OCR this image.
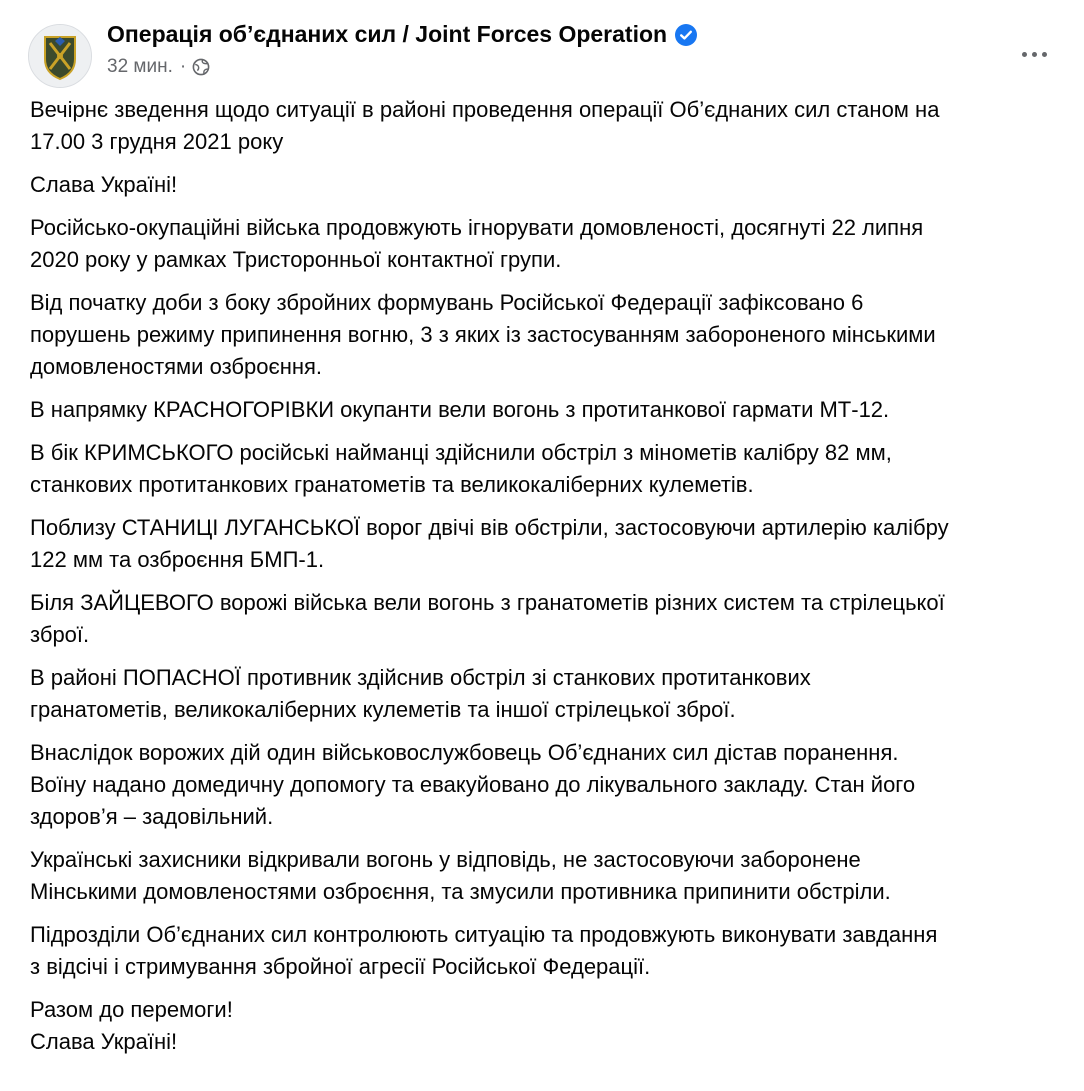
Операція об’єднаних сил / Joint Forces Operation
32 мин. ·

Вечірнє зведення щодо ситуації в районі проведення операції Об’єднаних сил станом на
17.00 3 грудня 2021 року

Слава Україні!

Російсько-окупаційні війська продовжують ігнорувати домовленості, досягнуті 22 липня
2020 року у рамках Тристоронньої контактної групи.

Від початку доби з боку збройних формувань Російської Федерації зафіксовано 6
порушень режиму припинення вогню, 3 з яких із застосуванням забороненого мінськими
домовленостями озброєння.

В напрямку КРАСНОГОРІВКИ окупанти вели вогонь з протитанкової гармати МТ-12.

В бік КРИМСЬКОГО російські найманці здійснили обстріл з мінометів калібру 82 мм,
станкових протитанкових гранатометів та великокаліберних кулеметів.

Поблизу СТАНИЦІ ЛУГАНСЬКОЇ ворог двічі вів обстріли, застосовуючи артилерію калібру
122 мм та озброєння БМП-1.

Біля ЗАЙЦЕВОГО ворожі війська вели вогонь з гранатометів різних систем та стрілецької
зброї.

В районі ПОПАСНОЇ противник здійснив обстріл зі станкових протитанкових
гранатометів, великокаліберних кулеметів та іншої стрілецької зброї.

Внаслідок ворожих дій один військовослужбовець Об’єднаних сил дістав поранення.
Воїну надано домедичну допомогу та евакуйовано до лікувального закладу. Стан його
здоров’я – задовільний.

Українські захисники відкривали вогонь у відповідь, не застосовуючи заборонене
Мінськими домовленостями озброєння, та змусили противника припинити обстріли.

Підрозділи Об’єднаних сил контролюють ситуацію та продовжують виконувати завдання
з відсічі і стримування збройної агресії Російської Федерації.

Разом до перемоги!
Слава Україні!
